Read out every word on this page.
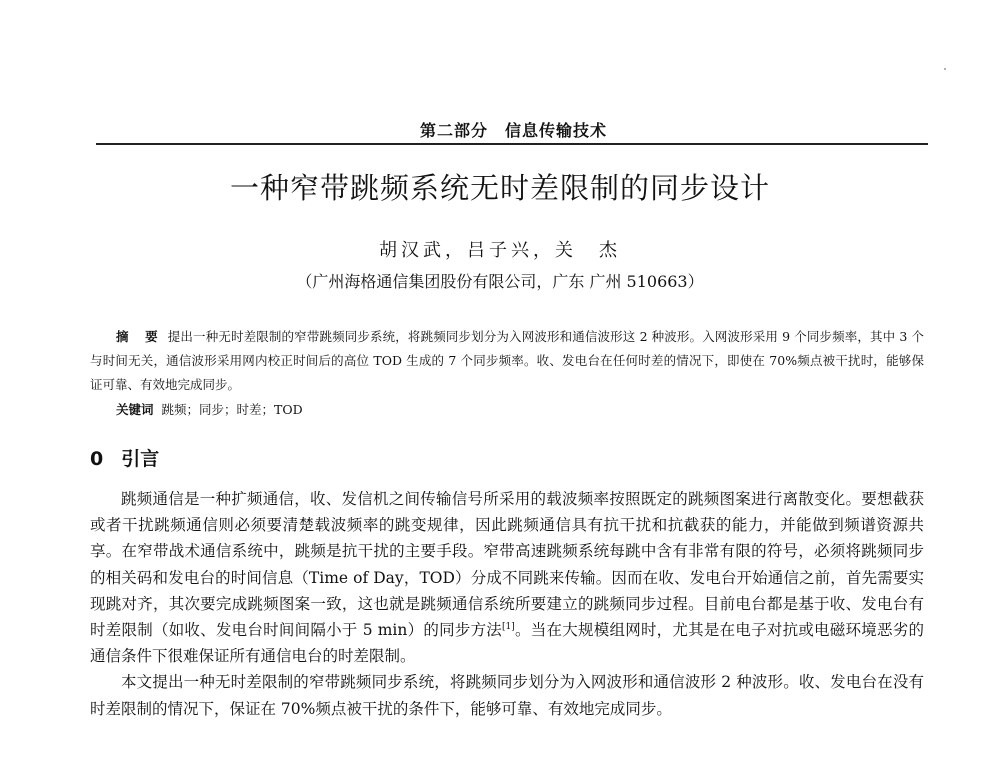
第二部分　信息传输技术
一种窄带跳频系统无时差限制的同步设计
胡汉武，吕子兴，关　杰
（广州海格通信集团股份有限公司，广东 广州 510663）
摘 要 提出一种无时差限制的窄带跳频同步系统，将跳频同步划分为入网波形和通信波形这 2 种波形。入网波形采用 9 个同步频率，其中 3 个与时间无关，通信波形采用网内校正时间后的高位 TOD 生成的 7 个同步频率。收、发电台在任何时差的情况下，即使在 70%频点被干扰时，能够保证可靠、有效地完成同步。
关键词 跳频；同步；时差；TOD
0 引言

跳频通信是一种扩频通信，收、发信机之间传输信号所采用的载波频率按照既定的跳频图案进行离散变化。要想截获或者干扰跳频通信则必须要清楚载波频率的跳变规律，因此跳频通信具有抗干扰和抗截获的能力，并能做到频谱资源共享。在窄带战术通信系统中，跳频是抗干扰的主要手段。窄带高速跳频系统每跳中含有非常有限的符号，必须将跳频同步的相关码和发电台的时间信息（Time of Day，TOD）分成不同跳来传输。因而在收、发电台开始通信之前，首先需要实现跳对齐，其次要完成跳频图案一致，这也就是跳频通信系统所要建立的跳频同步过程。目前电台都是基于收、发电台有时差限制（如收、发电台时间间隔小于 5 min）的同步方法[1]。当在大规模组网时，尤其是在电子对抗或电磁环境恶劣的通信条件下很难保证所有通信电台的时差限制。

本文提出一种无时差限制的窄带跳频同步系统，将跳频同步划分为入网波形和通信波形 2 种波形。收、发电台在没有时差限制的情况下，保证在 70%频点被干扰的条件下，能够可靠、有效地完成同步。
